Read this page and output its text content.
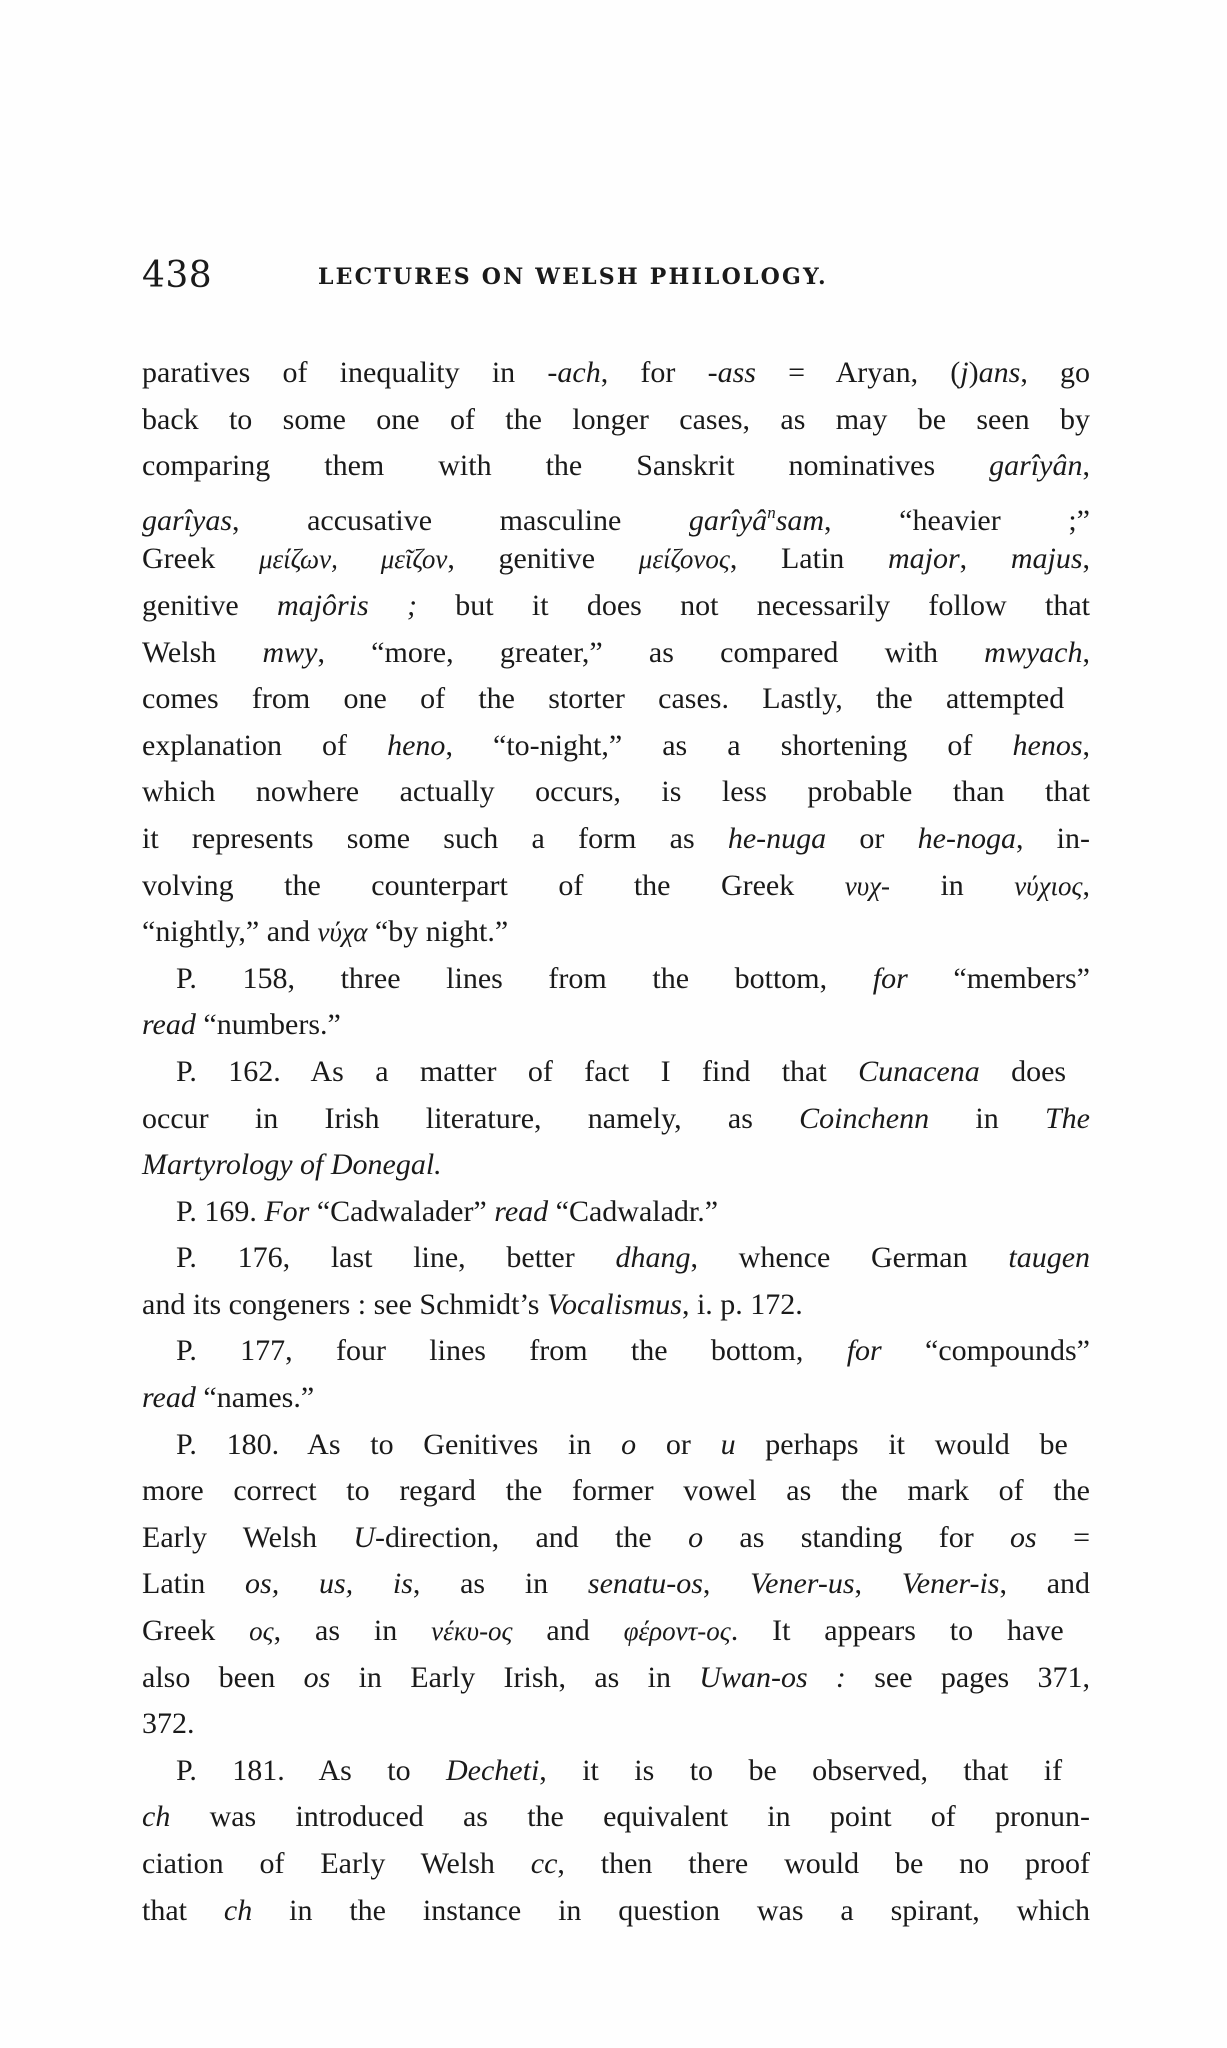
438	LECTURES ON WELSH PHILOLOGY.
paratives of inequality in -ach, for -ass = Aryan, (j)ans, go
back to some one of the longer cases, as may be seen by
comparing them with the Sanskrit nominatives garîyân,
garîyas, accusative masculine garîyâ$^n$sam, “heavier ;”
Greek μείζων, μεῖζον, genitive μείζονος, Latin major, majus,
genitive majôris ; but it does not necessarily follow that
Welsh mwy, “more, greater,” as compared with mwyach,
comes from one of the storter cases. Lastly, the attempted
explanation of heno, “to-night,” as a shortening of henos,
which nowhere actually occurs, is less probable than that
it represents some such a form as he-nuga or he-noga, in-
volving the counterpart of the Greek νυχ- in νύχιος,
“nightly,” and νύχα “by night.”
P. 158, three lines from the bottom, for “members”
read “numbers.”
P. 162. As a matter of fact I find that Cunacena does
occur in Irish literature, namely, as Coinchenn in The
Martyrology of Donegal.
P. 169. For “Cadwalader” read “Cadwaladr.”
P. 176, last line, better dhang, whence German taugen
and its congeners : see Schmidt’s Vocalismus, i. p. 172.
P. 177, four lines from the bottom, for “compounds”
read “names.”
P. 180. As to Genitives in o or u perhaps it would be
more correct to regard the former vowel as the mark of the
Early Welsh U-direction, and the o as standing for os =
Latin os, us, is, as in senatu-os, Vener-us, Vener-is, and
Greek ος, as in νέκυ-ος and φέροντ-ος. It appears to have
also been os in Early Irish, as in Uwan-os : see pages 371,
372.
P. 181. As to Decheti, it is to be observed, that if
ch was introduced as the equivalent in point of pronun-
ciation of Early Welsh cc, then there would be no proof
that ch in the instance in question was a spirant, which
